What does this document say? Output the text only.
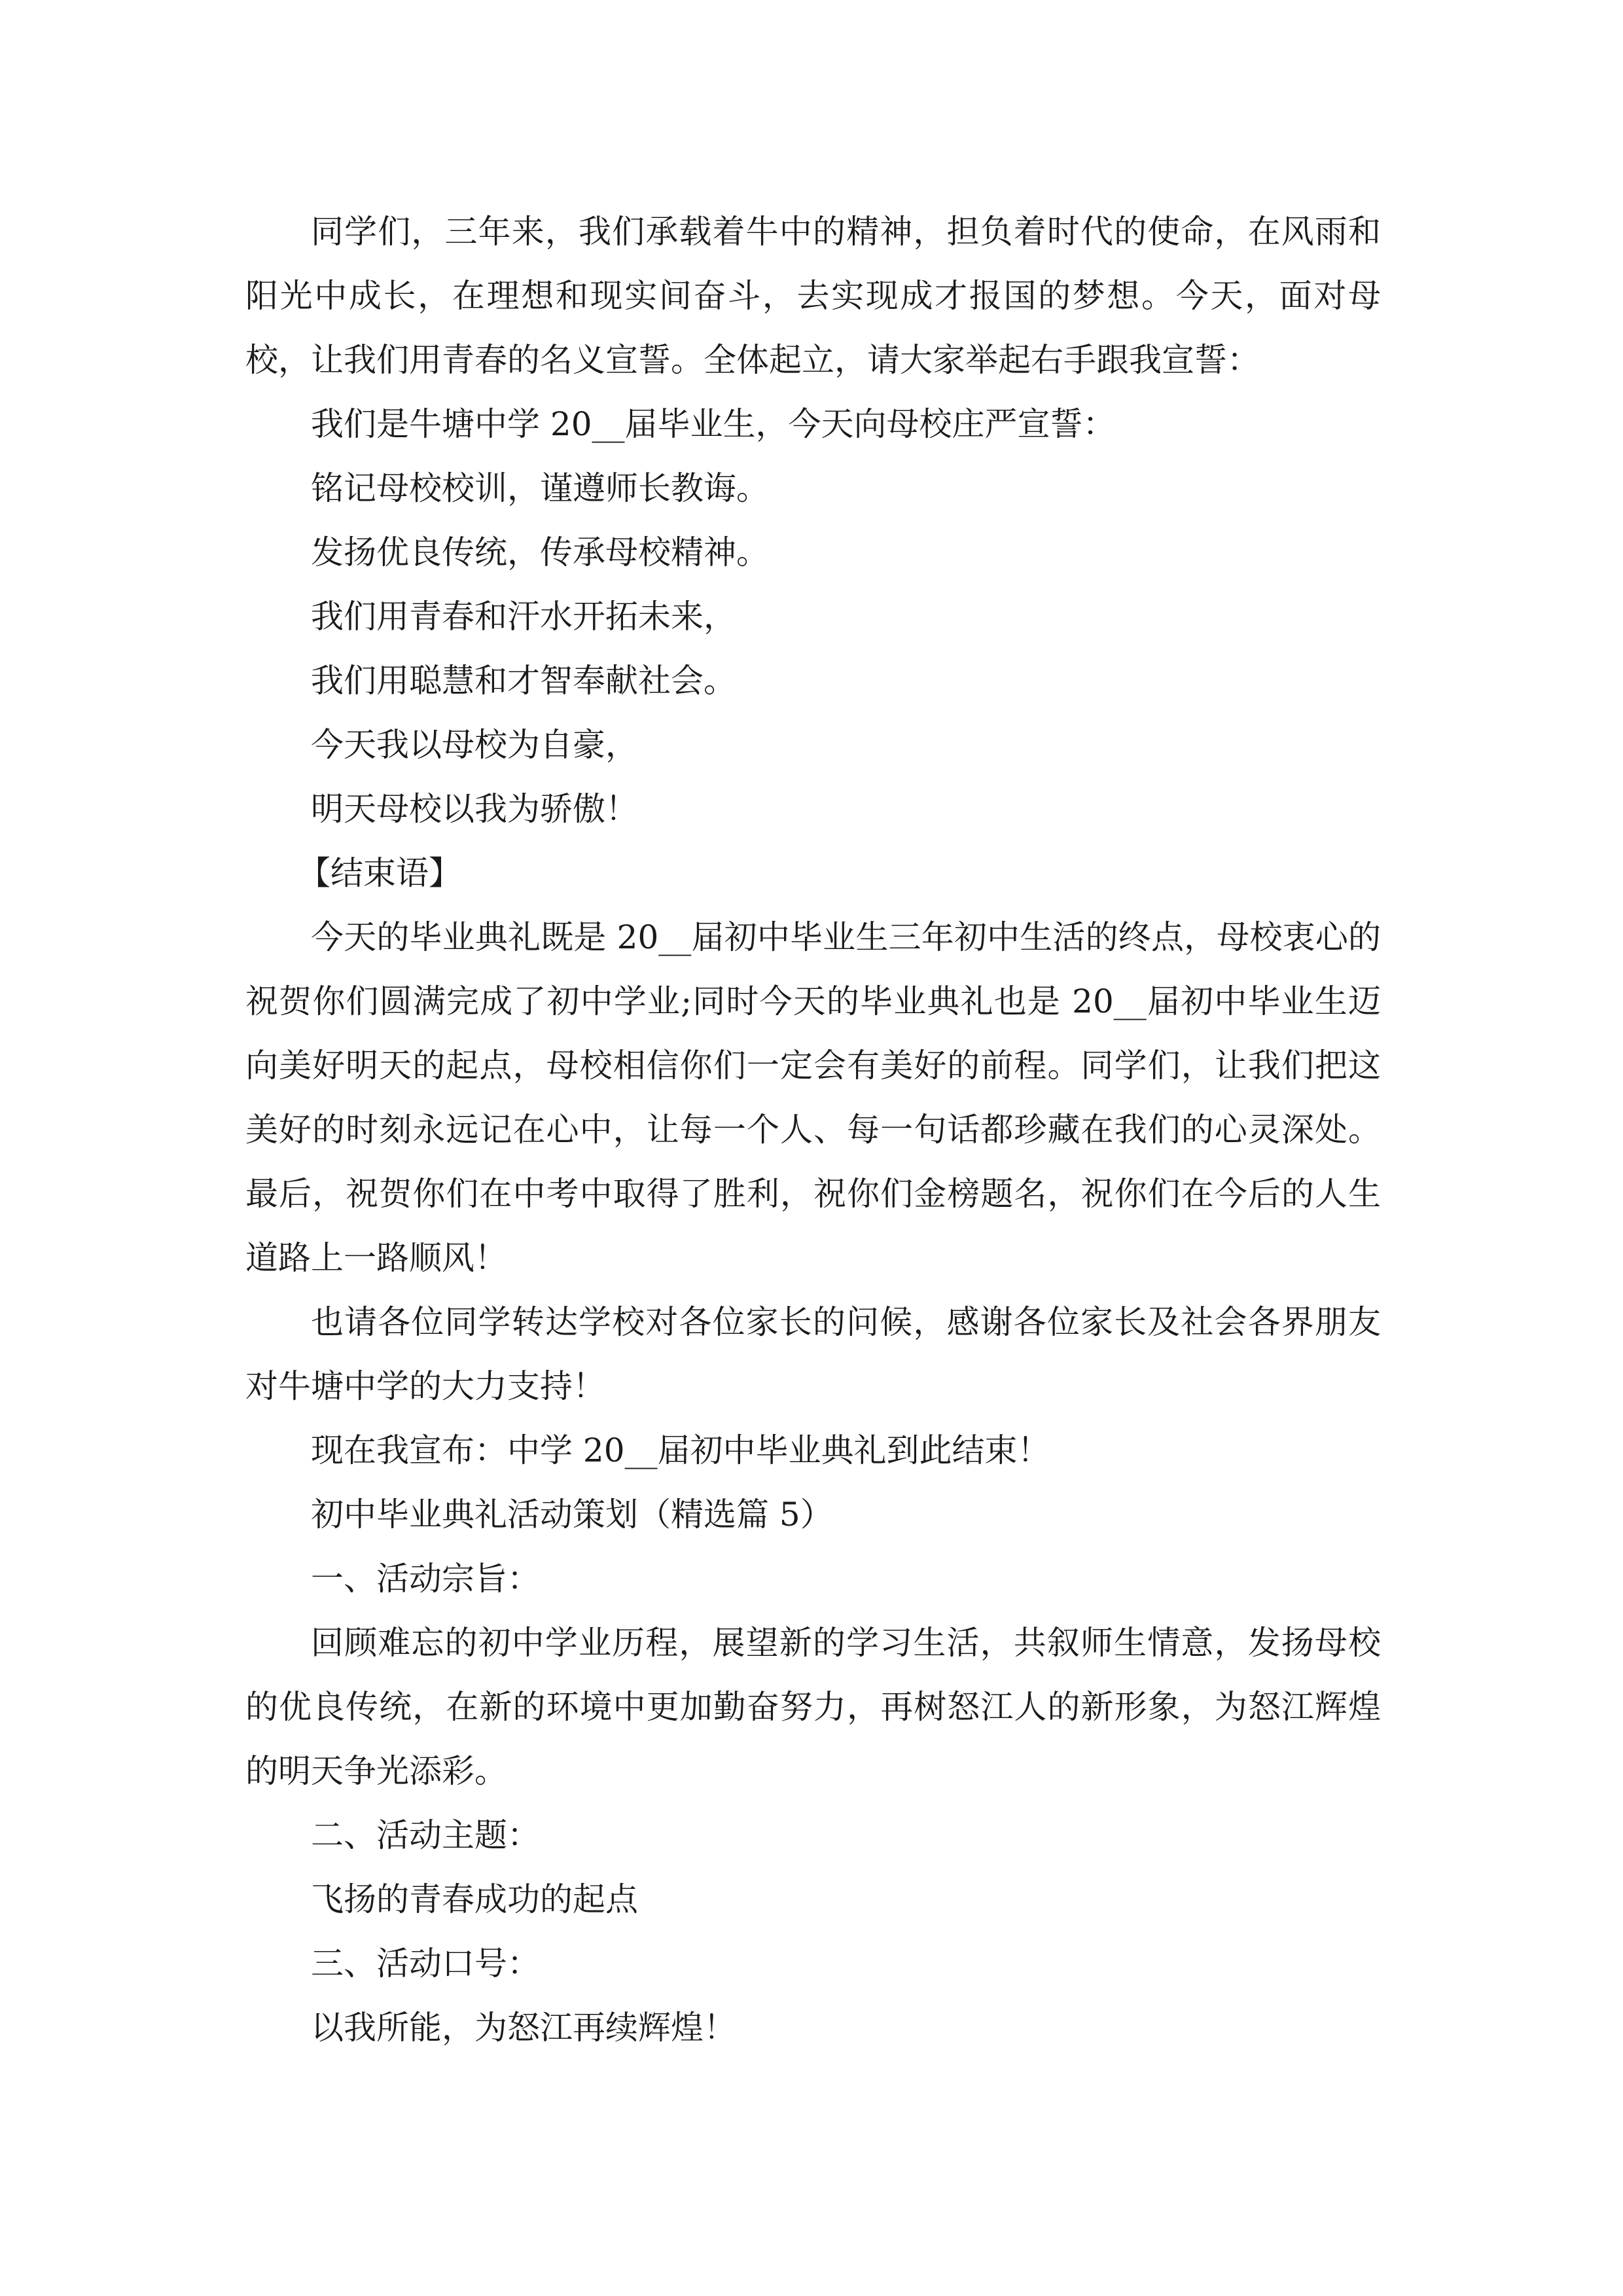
同学们，三年来，我们承载着牛中的精神，担负着时代的使命，在风雨和阳光中成长，在理想和现实间奋斗，去实现成才报国的梦想。今天，面对母校，让我们用青春的名义宣誓。全体起立，请大家举起右手跟我宣誓：

我们是牛塘中学 20__届毕业生，今天向母校庄严宣誓：
铭记母校校训，谨遵师长教诲。
发扬优良传统，传承母校精神。
我们用青春和汗水开拓未来，
我们用聪慧和才智奉献社会。
今天我以母校为自豪，
明天母校以我为骄傲！
【结束语】

今天的毕业典礼既是 20__届初中毕业生三年初中生活的终点，母校衷心的祝贺你们圆满完成了初中学业;同时今天的毕业典礼也是 20__届初中毕业生迈向美好明天的起点，母校相信你们一定会有美好的前程。同学们，让我们把这美好的时刻永远记在心中，让每一个人、每一句话都珍藏在我们的心灵深处。最后，祝贺你们在中考中取得了胜利，祝你们金榜题名，祝你们在今后的人生道路上一路顺风！

也请各位同学转达学校对各位家长的问候，感谢各位家长及社会各界朋友对牛塘中学的大力支持！

现在我宣布：中学 20__届初中毕业典礼到此结束！
初中毕业典礼活动策划（精选篇 5）
一、活动宗旨：

回顾难忘的初中学业历程，展望新的学习生活，共叙师生情意，发扬母校的优良传统，在新的环境中更加勤奋努力，再树怒江人的新形象，为怒江辉煌的明天争光添彩。

二、活动主题：
飞扬的青春成功的起点
三、活动口号：
以我所能，为怒江再续辉煌！
